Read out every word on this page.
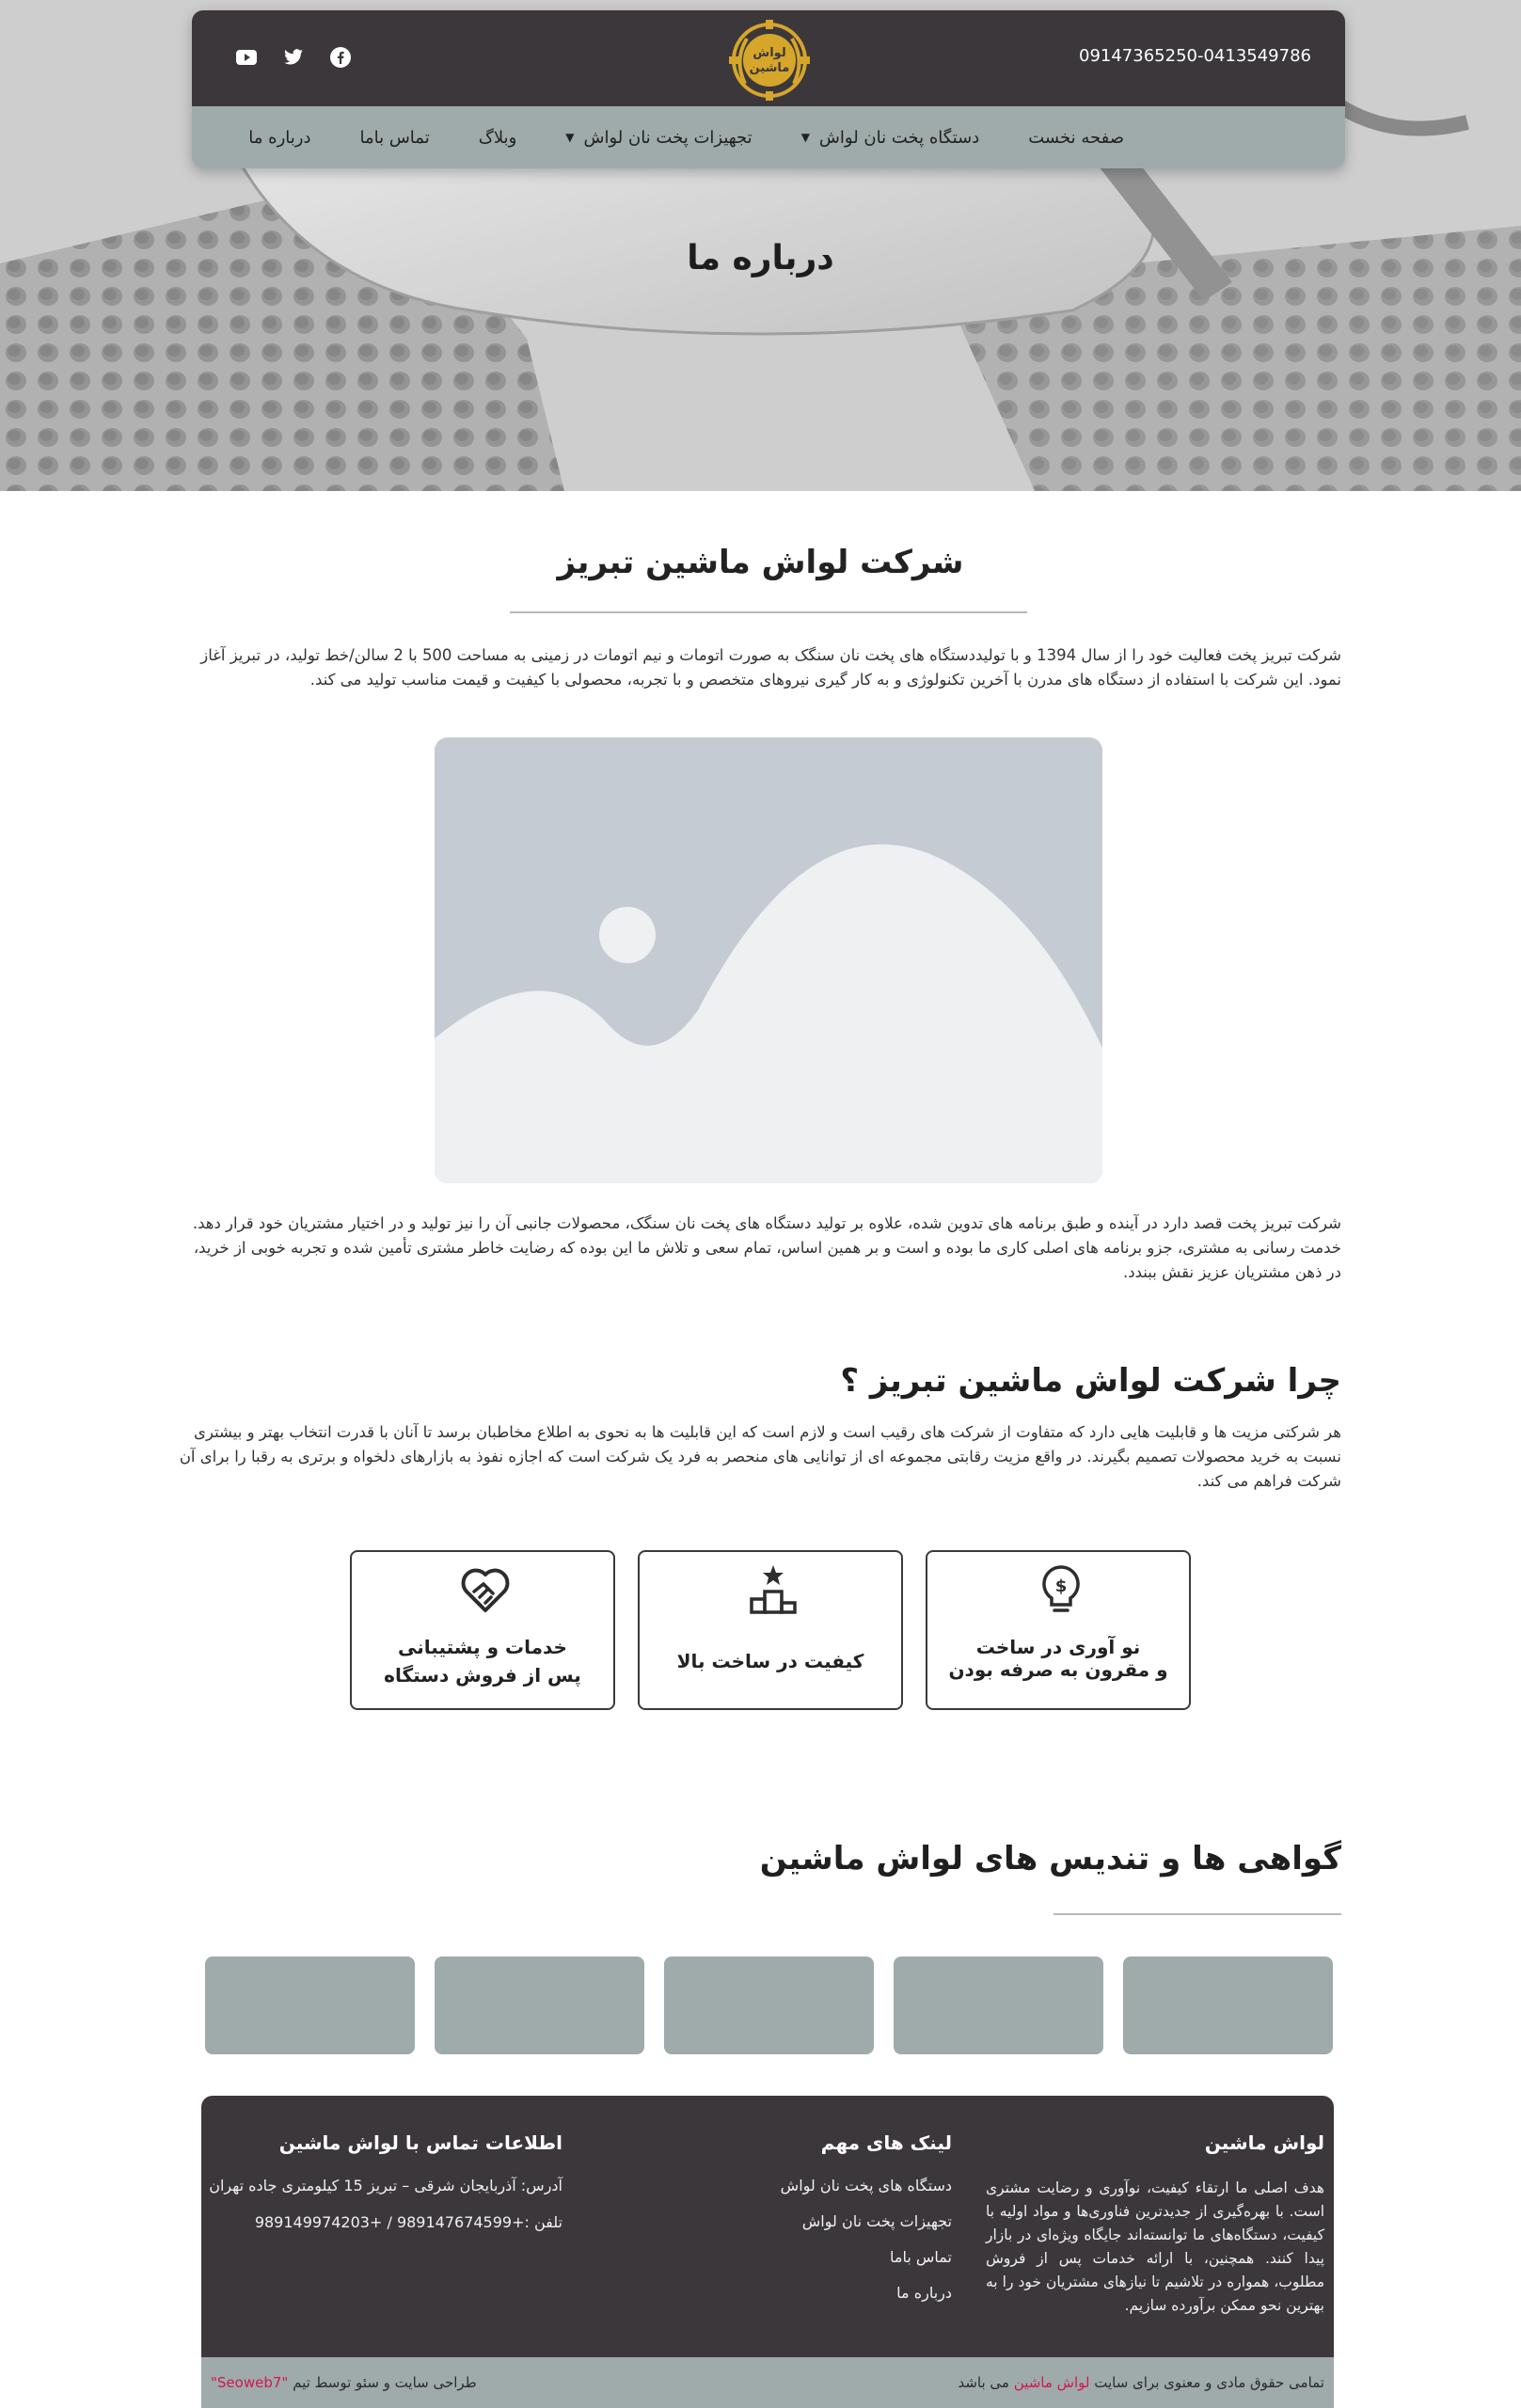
درباره ما
09147365250-0413549786
لواش
ماشین
صفحه نخست
دستگاه پخت نان لواش
▼
تجهیزات پخت نان لواش
▼
وبلاگ
تماس باما
درباره ما
شرکت لواش ماشین تبریز
شرکت تبریز پخت فعالیت خود را از سال 1394 و با تولیددستگاه های پخت نان سنگک به صورت اتومات و نیم اتومات در زمینی به مساحت 500 با 2 سالن/خط تولید، در تبریز آغاز نمود. این شرکت با استفاده از دستگاه های مدرن با آخرین تکنولوژی و به کار گیری نیروهای متخصص و با تجربه، محصولی با کیفیت و قیمت مناسب تولید می کند.
شرکت تبریز پخت قصد دارد در آینده و طبق برنامه های تدوین شده، علاوه بر تولید دستگاه های پخت نان سنگک، محصولات جانبی آن را نیز تولید و در اختیار مشتریان خود قرار دهد. خدمت رسانی به مشتری، جزو برنامه های اصلی کاری ما بوده و است و بر همین اساس، تمام سعی و تلاش ما این بوده که رضایت خاطر مشتری تأمین شده و تجربه خوبی از خرید، در ذهن مشتریان عزیز نقش ببندد.
چرا شرکت لواش ماشین تبریز ؟
هر شرکتی مزیت ها و قابلیت هایی دارد که متفاوت از شرکت های رقیب است و لازم است که این قابلیت ها به نحوی به اطلاع مخاطبان برسد تا آنان با قدرت انتخاب بهتر و بیشتری نسبت به خرید محصولات تصمیم بگیرند. در واقع مزیت رقابتی مجموعه ای از توانایی های منحصر به فرد یک شرکت است که اجازه نفوذ به بازارهای دلخواه و برتری به رقبا را برای آن شرکت فراهم می کند.
خدمات و پشتیبانی
پس از فروش دستگاه
کیفیت در ساخت بالا
$
نو آوری در ساخت
و مقرون به صرفه بودن
گواهی ها و تندیس های لواش ماشین
لواش ماشین

هدف اصلی ما ارتقاء کیفیت، نوآوری و رضایت مشتری است. با بهره‌گیری از جدیدترین فناوری‌ها و مواد اولیه با کیفیت، دستگاه‌های ما توانسته‌اند جایگاه ویژه‌ای در بازار پیدا کنند. همچنین، با ارائه خدمات پس از فروش مطلوب، همواره در تلاشیم تا نیازهای مشتریان خود را به بهترین نحو ممکن برآورده سازیم.

لینک های مهم
دستگاه های پخت نان لواش
تجهیزات پخت نان لواش
تماس باما
درباره ما
اطلاعات تماس با لواش ماشین
آدرس: آذربایجان شرقی – تبریز 15 کیلومتری جاده تهران
تلفن :+989147674599 / +989149974203
تمامی حقوق مادی و معنوی برای سایت لواش ماشین می باشد
طراحی سایت و سئو توسط تیم "Seoweb7"
